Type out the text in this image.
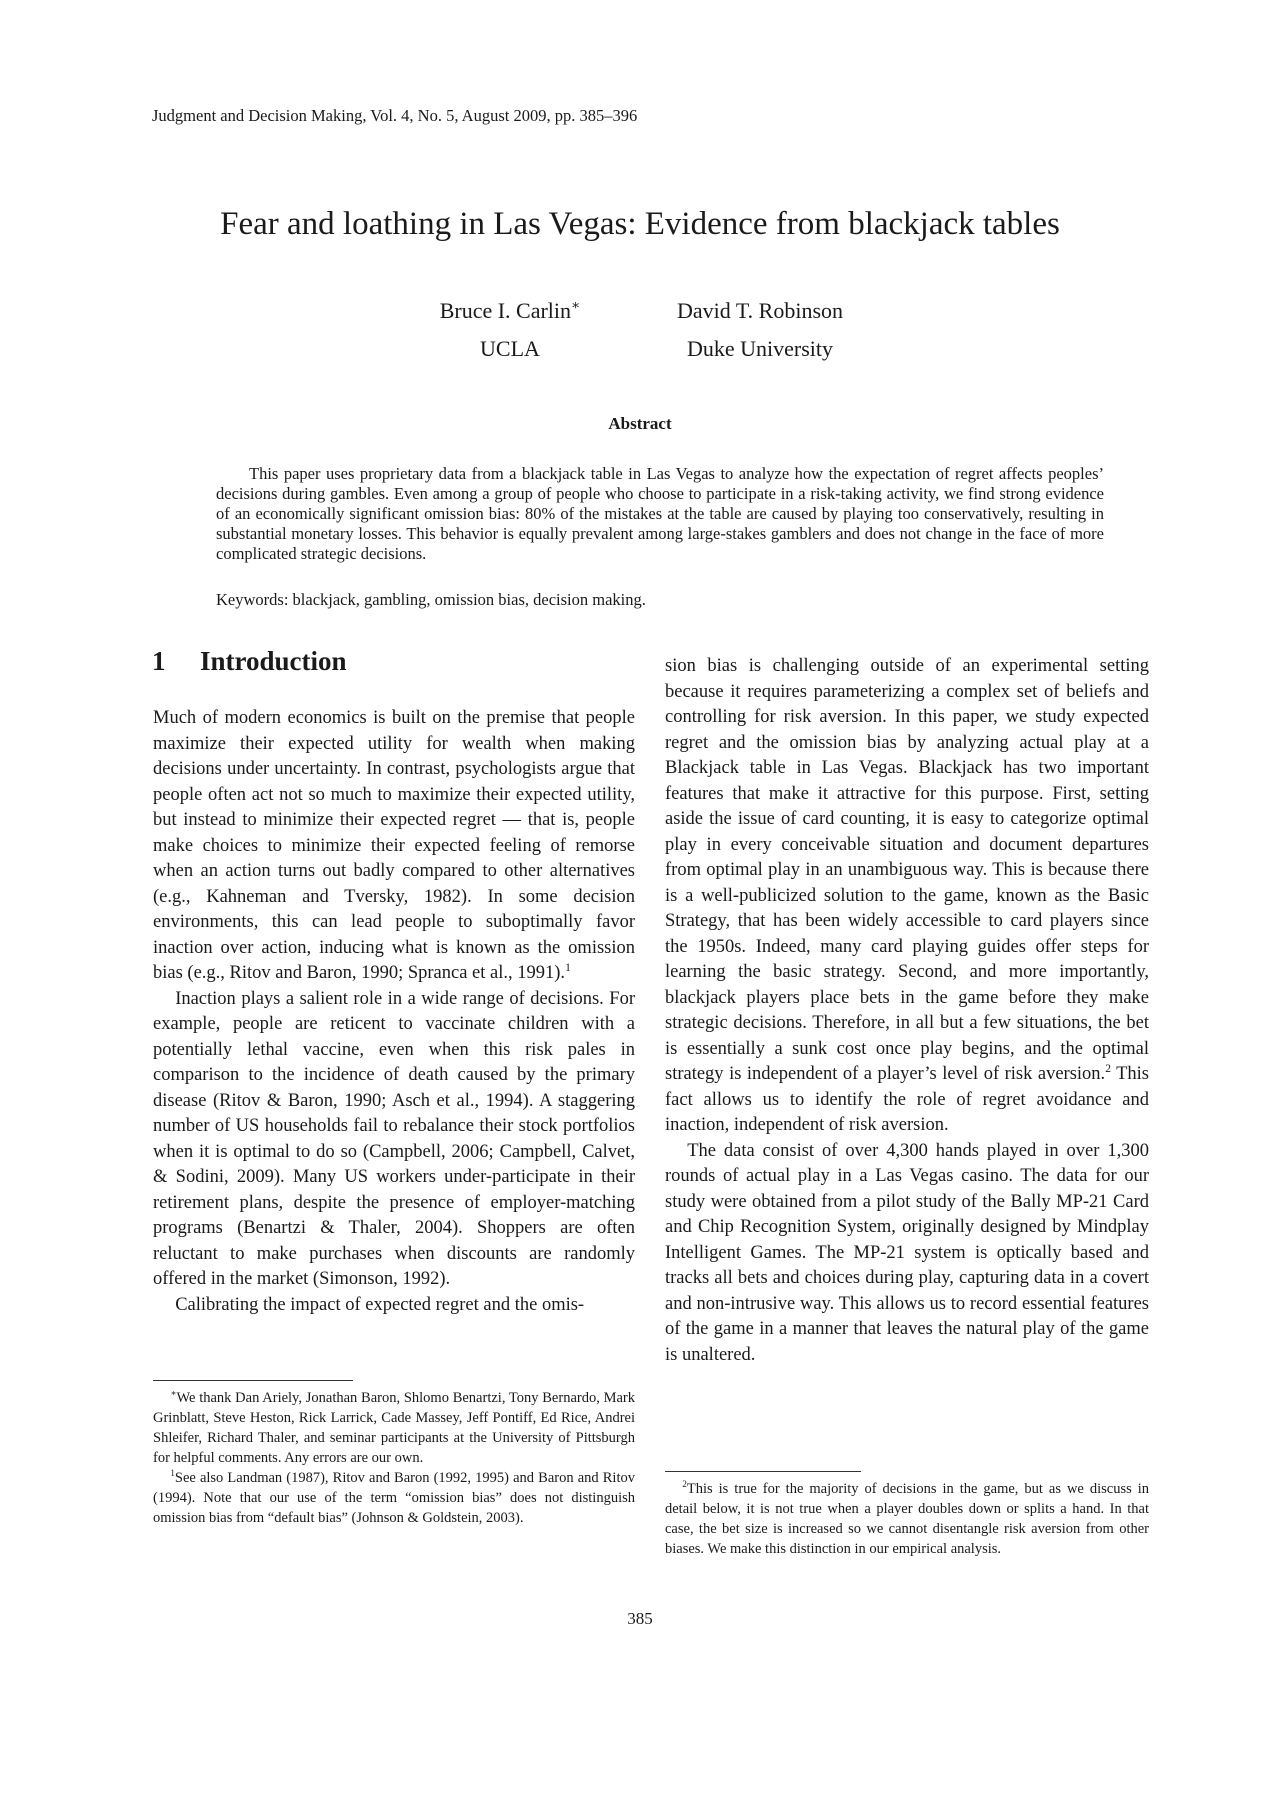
Judgment and Decision Making, Vol. 4, No. 5, August 2009, pp. 385–396
Fear and loathing in Las Vegas: Evidence from blackjack tables
Bruce I. Carlin∗
UCLA
David T. Robinson
Duke University
Abstract

This paper uses proprietary data from a blackjack table in Las Vegas to analyze how the expectation of regret affects peoples’ decisions during gambles. Even among a group of people who choose to participate in a risk-taking activity, we find strong evidence of an economically significant omission bias: 80% of the mistakes at the table are caused by playing too conservatively, resulting in substantial monetary losses. This behavior is equally prevalent among large-stakes gamblers and does not change in the face of more complicated strategic decisions.

Keywords: blackjack, gambling, omission bias, decision making.
1 Introduction

Much of modern economics is built on the premise that people maximize their expected utility for wealth when making decisions under uncertainty. In contrast, psychologists argue that people often act not so much to maximize their expected utility, but instead to minimize their expected regret — that is, people make choices to minimize their expected feeling of remorse when an action turns out badly compared to other alternatives (e.g., Kahneman and Tversky, 1982). In some decision environments, this can lead people to suboptimally favor inaction over action, inducing what is known as the omission bias (e.g., Ritov and Baron, 1990; Spranca et al., 1991).$^1$

Inaction plays a salient role in a wide range of decisions. For example, people are reticent to vaccinate children with a potentially lethal vaccine, even when this risk pales in comparison to the incidence of death caused by the primary disease (Ritov & Baron, 1990; Asch et al., 1994). A staggering number of US households fail to rebalance their stock portfolios when it is optimal to do so (Campbell, 2006; Campbell, Calvet, & Sodini, 2009). Many US workers under-participate in their retirement plans, despite the presence of employer-matching programs (Benartzi & Thaler, 2004). Shoppers are often reluctant to make purchases when discounts are randomly offered in the market (Simonson, 1992).

Calibrating the impact of expected regret and the omis-

∗We thank Dan Ariely, Jonathan Baron, Shlomo Benartzi, Tony Bernardo, Mark Grinblatt, Steve Heston, Rick Larrick, Cade Massey, Jeff Pontiff, Ed Rice, Andrei Shleifer, Richard Thaler, and seminar participants at the University of Pittsburgh for helpful comments. Any errors are our own.

$^1$See also Landman (1987), Ritov and Baron (1992, 1995) and Baron and Ritov (1994). Note that our use of the term “omission bias” does not distinguish omission bias from “default bias” (Johnson & Goldstein, 2003).

sion bias is challenging outside of an experimental setting because it requires parameterizing a complex set of beliefs and controlling for risk aversion. In this paper, we study expected regret and the omission bias by analyzing actual play at a Blackjack table in Las Vegas. Blackjack has two important features that make it attractive for this purpose. First, setting aside the issue of card counting, it is easy to categorize optimal play in every conceivable situation and document departures from optimal play in an unambiguous way. This is because there is a well-publicized solution to the game, known as the Basic Strategy, that has been widely accessible to card players since the 1950s. Indeed, many card playing guides offer steps for learning the basic strategy. Second, and more importantly, blackjack players place bets in the game before they make strategic decisions. Therefore, in all but a few situations, the bet is essentially a sunk cost once play begins, and the optimal strategy is independent of a player’s level of risk aversion.$^2$ This fact allows us to identify the role of regret avoidance and inaction, independent of risk aversion.

The data consist of over 4,300 hands played in over 1,300 rounds of actual play in a Las Vegas casino. The data for our study were obtained from a pilot study of the Bally MP-21 Card and Chip Recognition System, originally designed by Mindplay Intelligent Games. The MP-21 system is optically based and tracks all bets and choices during play, capturing data in a covert and non-intrusive way. This allows us to record essential features of the game in a manner that leaves the natural play of the game is unaltered.

$^2$This is true for the majority of decisions in the game, but as we discuss in detail below, it is not true when a player doubles down or splits a hand. In that case, the bet size is increased so we cannot disentangle risk aversion from other biases. We make this distinction in our empirical analysis.

385
